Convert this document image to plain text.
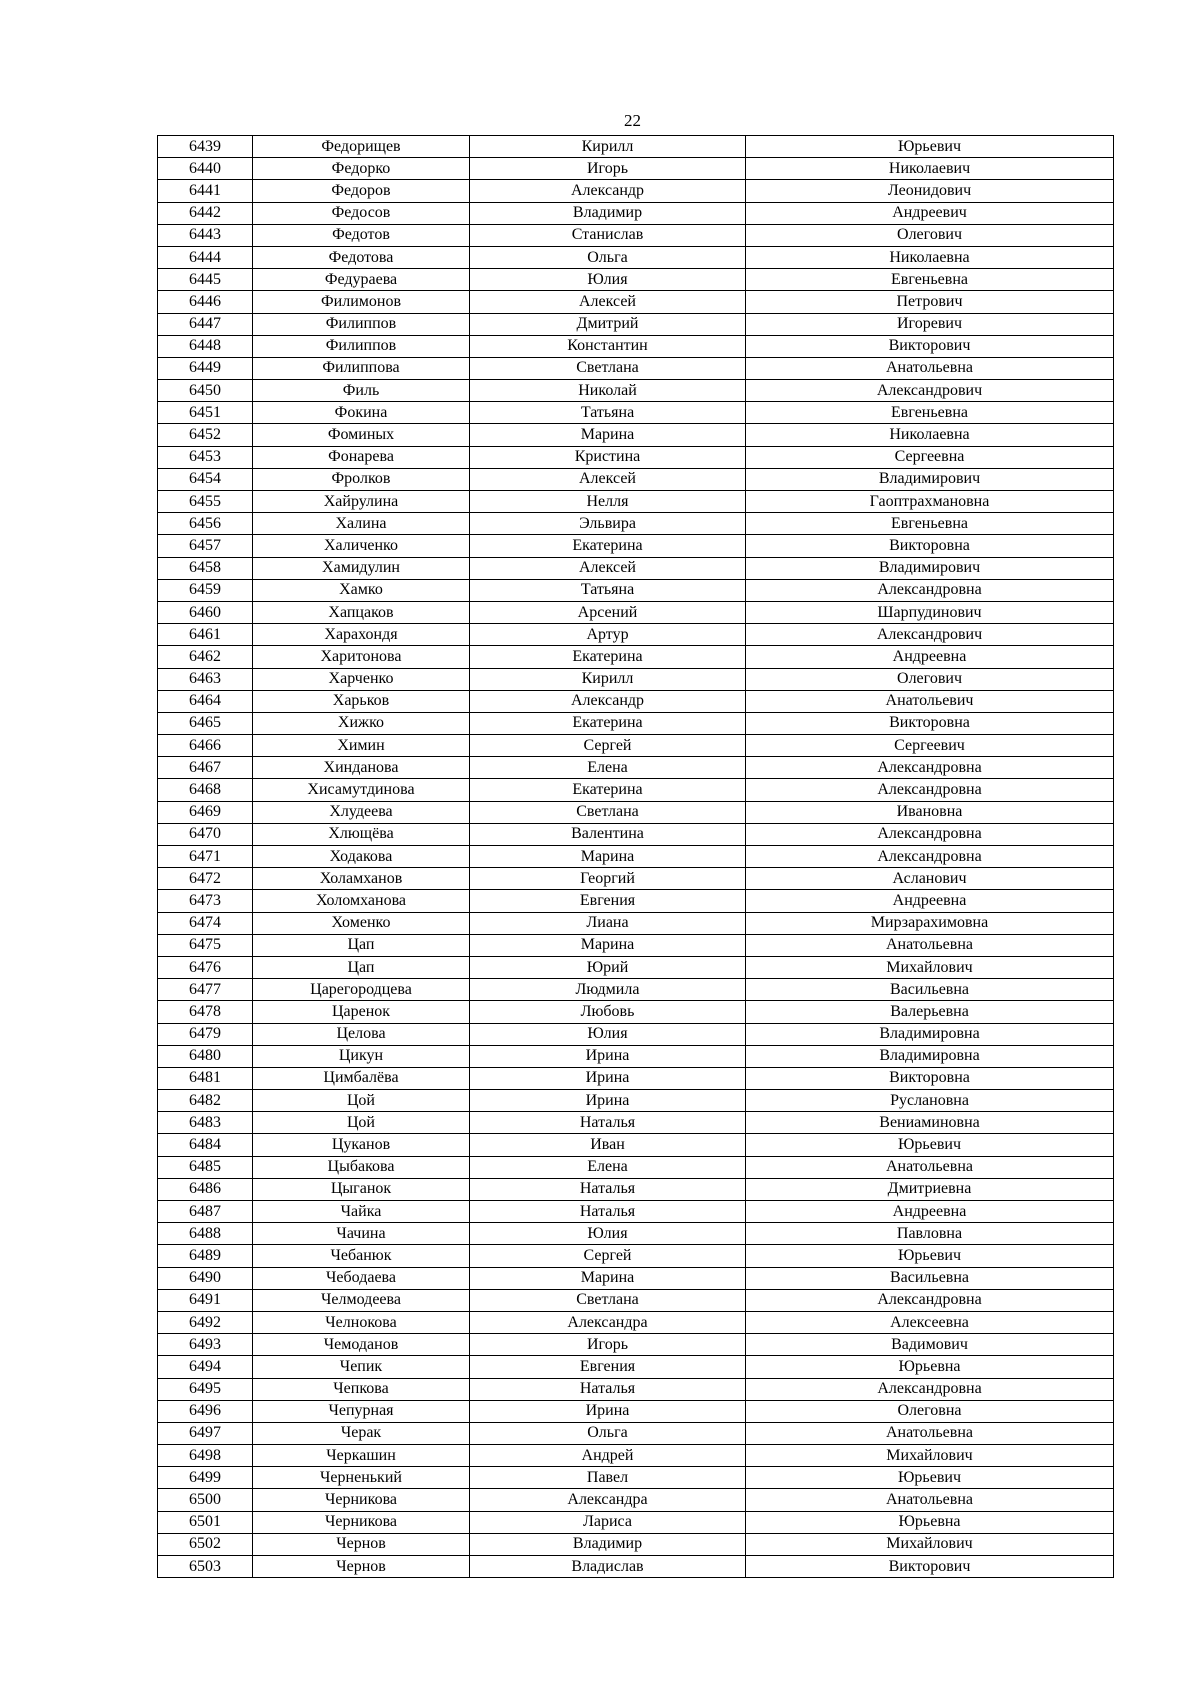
22
6439	Федорищев	Кирилл	Юрьевич
6440	Федорко	Игорь	Николаевич
6441	Федоров	Александр	Леонидович
6442	Федосов	Владимир	Андреевич
6443	Федотов	Станислав	Олегович
6444	Федотова	Ольга	Николаевна
6445	Федураева	Юлия	Евгеньевна
6446	Филимонов	Алексей	Петрович
6447	Филиппов	Дмитрий	Игоревич
6448	Филиппов	Константин	Викторович
6449	Филиппова	Светлана	Анатольевна
6450	Филь	Николай	Александрович
6451	Фокина	Татьяна	Евгеньевна
6452	Фоминых	Марина	Николаевна
6453	Фонарева	Кристина	Сергеевна
6454	Фролков	Алексей	Владимирович
6455	Хайрулина	Нелля	Гаоптрахмановна
6456	Халина	Эльвира	Евгеньевна
6457	Халиченко	Екатерина	Викторовна
6458	Хамидулин	Алексей	Владимирович
6459	Хамко	Татьяна	Александровна
6460	Хапцаков	Арсений	Шарпудинович
6461	Харахондя	Артур	Александрович
6462	Харитонова	Екатерина	Андреевна
6463	Харченко	Кирилл	Олегович
6464	Харьков	Александр	Анатольевич
6465	Хижко	Екатерина	Викторовна
6466	Химин	Сергей	Сергеевич
6467	Хинданова	Елена	Александровна
6468	Хисамутдинова	Екатерина	Александровна
6469	Хлудеева	Светлана	Ивановна
6470	Хлющёва	Валентина	Александровна
6471	Ходакова	Марина	Александровна
6472	Холамханов	Георгий	Асланович
6473	Холомханова	Евгения	Андреевна
6474	Хоменко	Лиана	Мирзарахимовна
6475	Цап	Марина	Анатольевна
6476	Цап	Юрий	Михайлович
6477	Царегородцева	Людмила	Васильевна
6478	Царенок	Любовь	Валерьевна
6479	Целова	Юлия	Владимировна
6480	Цикун	Ирина	Владимировна
6481	Цимбалёва	Ирина	Викторовна
6482	Цой	Ирина	Руслановна
6483	Цой	Наталья	Вениаминовна
6484	Цуканов	Иван	Юрьевич
6485	Цыбакова	Елена	Анатольевна
6486	Цыганок	Наталья	Дмитриевна
6487	Чайка	Наталья	Андреевна
6488	Чачина	Юлия	Павловна
6489	Чебанюк	Сергей	Юрьевич
6490	Чебодаева	Марина	Васильевна
6491	Челмодеева	Светлана	Александровна
6492	Челнокова	Александра	Алексеевна
6493	Чемоданов	Игорь	Вадимович
6494	Чепик	Евгения	Юрьевна
6495	Чепкова	Наталья	Александровна
6496	Чепурная	Ирина	Олеговна
6497	Черак	Ольга	Анатольевна
6498	Черкашин	Андрей	Михайлович
6499	Черненький	Павел	Юрьевич
6500	Черникова	Александра	Анатольевна
6501	Черникова	Лариса	Юрьевна
6502	Чернов	Владимир	Михайлович
6503	Чернов	Владислав	Викторович
